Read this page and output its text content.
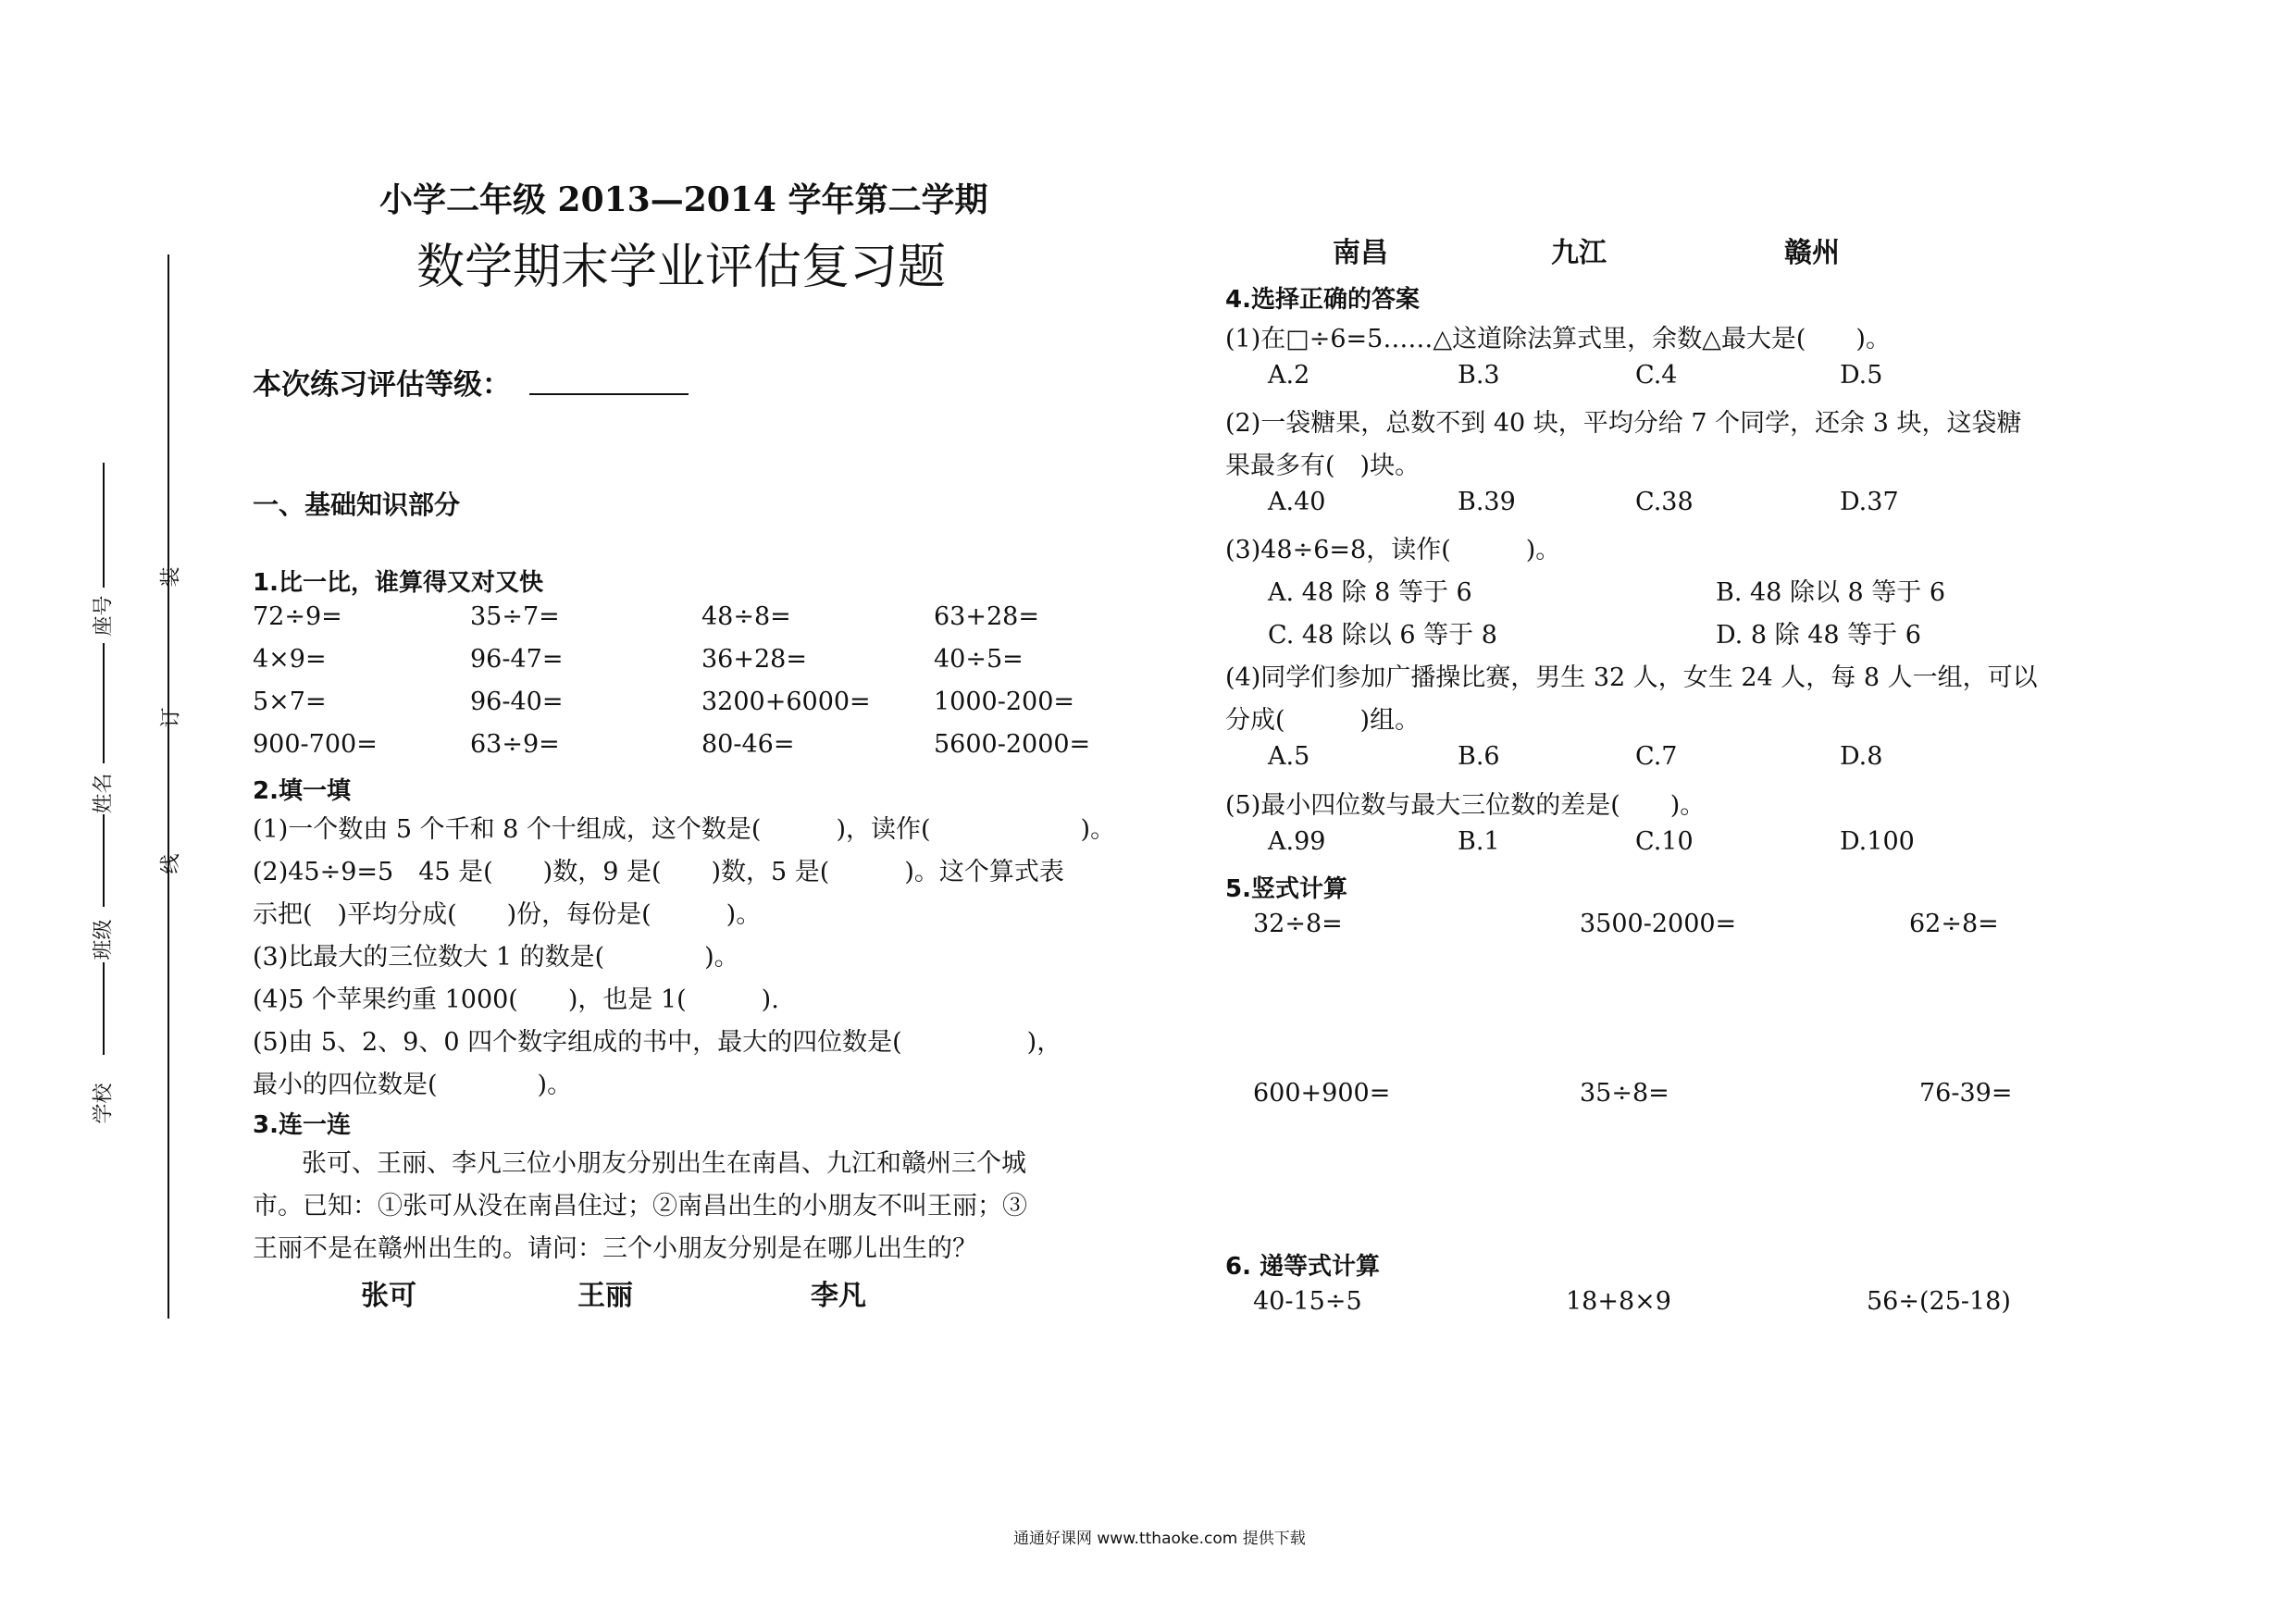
装
订
线
座号
姓名
班级
学校
小学二年级 2013—2014 学年第二学期
数学期末学业评估复习题
本次练习评估等级：
一、基础知识部分
1.比一比，谁算得又对又快
72÷9=	35÷7=	48÷8=	63+28=
4×9=	96-47=	36+28=	40÷5=
5×7=	96-40=	3200+6000=	1000-200=
900-700=	63÷9=	80-46=	5600-2000=
2.填一填
(1)一个数由 5 个千和 8 个十组成，这个数是(　　　)，读作(　　　　　　)。
(2)45÷9=5　45 是(　　)数，9 是(　　)数，5 是(　　　)。这个算式表
示把(　)平均分成(　　)份，每份是(　　　)。
(3)比最大的三位数大 1 的数是(　　　　)。
(4)5 个苹果约重 1000(　　)，也是 1(　　　).
(5)由 5、2、9、0 四个数字组成的书中，最大的四位数是(　　　　　)，
最小的四位数是(　　　　)。
3.连一连
张可、王丽、李凡三位小朋友分别出生在南昌、九江和赣州三个城
市。已知：①张可从没在南昌住过；②南昌出生的小朋友不叫王丽；③
王丽不是在赣州出生的。请问：三个小朋友分别是在哪儿出生的？
张可	王丽	李凡
南昌	九江	赣州
4.选择正确的答案
(1)在□÷6=5……△这道除法算式里，余数△最大是(　　)。
A.2	B.3	C.4	D.5
(2)一袋糖果，总数不到 40 块，平均分给 7 个同学，还余 3 块，这袋糖
果最多有(　)块。
A.40	B.39	C.38	D.37
(3)48÷6=8，读作(　　　)。
A. 48 除 8 等于 6	B. 48 除以 8 等于 6
C. 48 除以 6 等于 8	D. 8 除 48 等于 6
(4)同学们参加广播操比赛，男生 32 人，女生 24 人，每 8 人一组，可以
分成(　　　)组。
A.5	B.6	C.7	D.8
(5)最小四位数与最大三位数的差是(　　)。
A.99	B.1	C.10	D.100
5.竖式计算
32÷8=	3500-2000=	62÷8=
600+900=	35÷8=	76-39=
6. 递等式计算
40-15÷5	18+8×9	56÷(25-18)
通通好课网 www.tthaoke.com 提供下载
